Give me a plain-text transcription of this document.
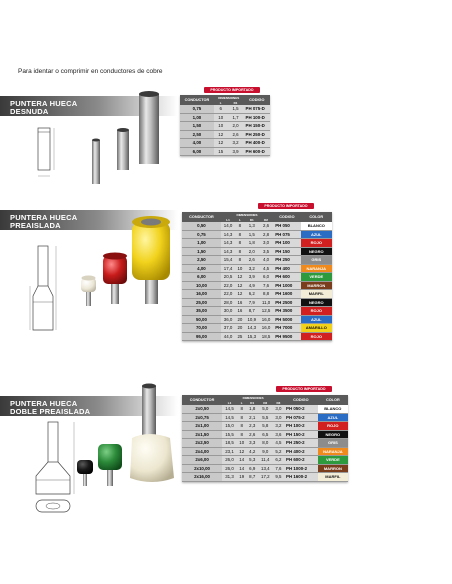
Para identar o comprimir en conductores de cobre
PUNTERA HUECA
DESNUDA
PRODUCTO IMPORTADO
CONDUCTOR	DIMENSIONES		CODIGO
	L	D1	
0,75	6	1,5	PH 075-D
1,00	10	1,7	PH 100-D
1,50	10	2,0	PH 150-D
2,50	12	2,6	PH 250-D
4,00	12	3,2	PH 400-D
6,00	15	3,9	PH 600-D
PUNTERA HUECA
PREAISLADA
PRODUCTO IMPORTADO
CONDUCTOR	DIMENSIONES				CODIGO	COLOR
	L1	L	D1	D2		
0,50	14,0	8	1,3	2,6	PH 050	BLANCO
0,75	14,3	8	1,5	2,8	PH 075	AZUL
1,00	14,3	8	1,8	3,0	PH 100	ROJO
1,50	14,3	8	2,0	3,5	PH 150	NEGRO
2,50	15,4	8	2,6	4,0	PH 250	GRIS
4,00	17,4	10	3,2	4,5	PH 400	NARANJA
6,00	20,5	12	3,9	6,0	PH 600	VERDE
10,00	22,0	12	4,9	7,6	PH 1000	MARRON
16,00	22,0	12	6,2	8,8	PH 1600	MARFIL
25,00	28,0	16	7,9	11,0	PH 2500	NEGRO
35,00	30,0	16	8,7	12,5	PH 3500	ROJO
50,00	36,0	20	10,9	16,0	PH 5000	AZUL
70,00	37,0	20	14,3	16,0	PH 7000	AMARILLO
95,00	44,0	25	15,3	18,5	PH 9500	ROJO
PUNTERA HUECA
DOBLE PREAISLADA
PRODUCTO IMPORTADO
CONDUCTOR	DIMENSIONES					CODIGO	COLOR
	L1	L	D1	D2	D3		
2x0,50	14,5	8	1,8	5,0	3,0	PH 050-2	BLANCO
2x0,75	14,5	8	2,1	5,5	3,0	PH 075-2	AZUL
2x1,00	15,0	8	2,3	5,8	3,2	PH 100-2	ROJO
2x1,50	15,5	8	2,6	6,5	3,6	PH 150-2	NEGRO
2x2,50	18,5	10	3,3	8,0	4,5	PH 250-2	GRIS
2x4,00	23,1	12	4,2	9,0	5,2	PH 400-2	NARANJA
2x6,00	26,0	14	5,3	11,4	6,2	PH 600-2	VERDE
2x10,00	26,0	14	6,9	13,4	7,6	PH 1000-2	MARRON
2x16,00	31,3	19	8,7	17,2	9,5	PH 1600-2	MARFIL
